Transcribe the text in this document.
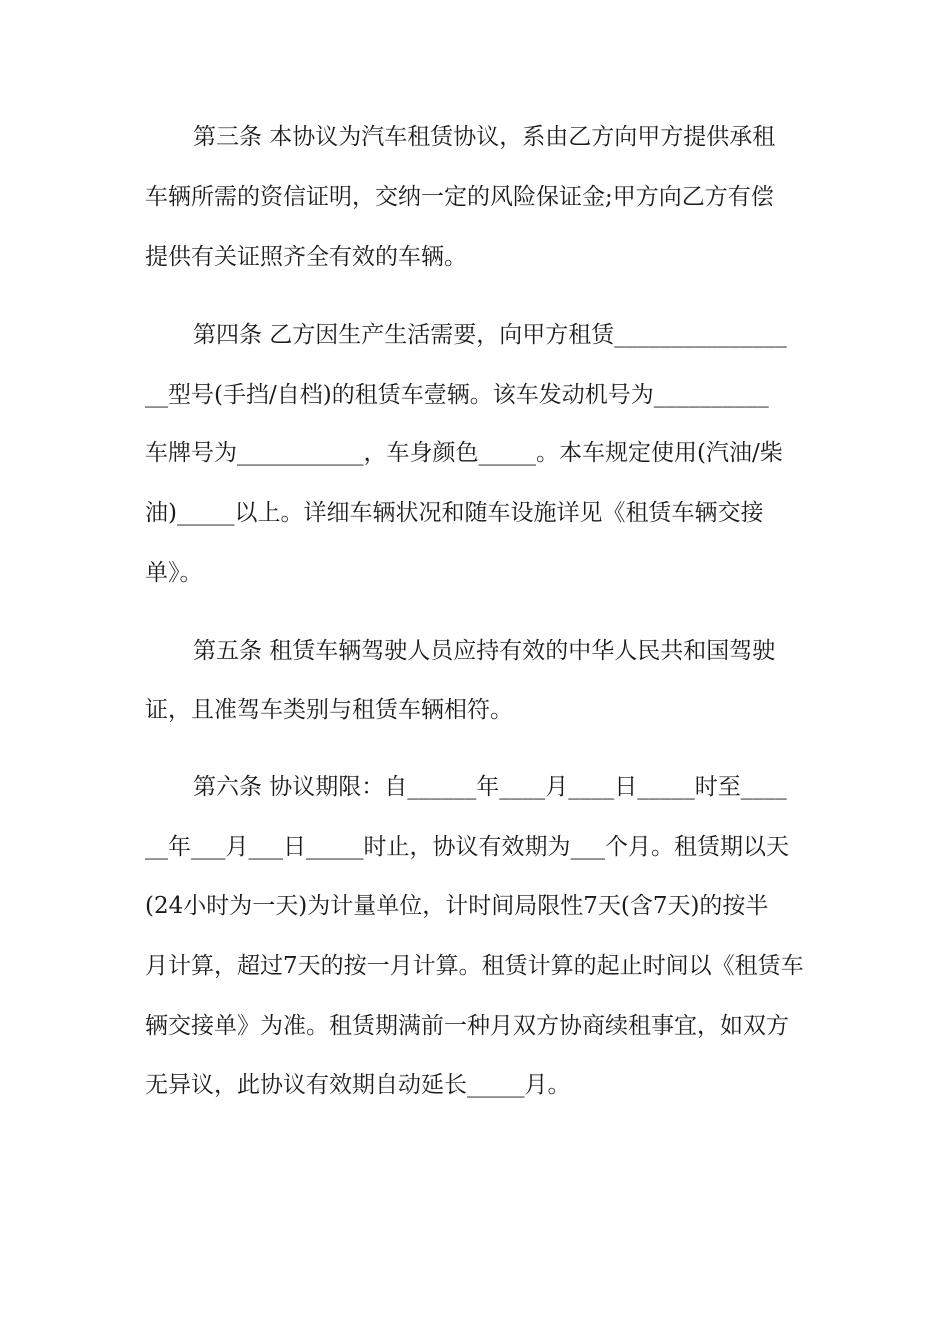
第三条 本协议为汽车租赁协议，系由乙方向甲方提供承租

车辆所需的资信证明，交纳一定的风险保证金;甲方向乙方有偿

提供有关证照齐全有效的车辆。

第四条 乙方因生产生活需要，向甲方租赁_______________

__型号(手挡/自档)的租赁车壹辆。该车发动机号为__________

车牌号为___________，车身颜色_____。本车规定使用(汽油/柴

油)_____以上。详细车辆状况和随车设施详见《租赁车辆交接

单》。

第五条 租赁车辆驾驶人员应持有效的中华人民共和国驾驶

证，且准驾车类别与租赁车辆相符。

第六条 协议期限：自______年____月____日_____时至____

__年___月___日_____时止，协议有效期为___个月。租赁期以天

(24小时为一天)为计量单位，计时间局限性7天(含7天)的按半

月计算，超过7天的按一月计算。租赁计算的起止时间以《租赁车

辆交接单》为准。租赁期满前一种月双方协商续租事宜，如双方

无异议，此协议有效期自动延长_____月。
